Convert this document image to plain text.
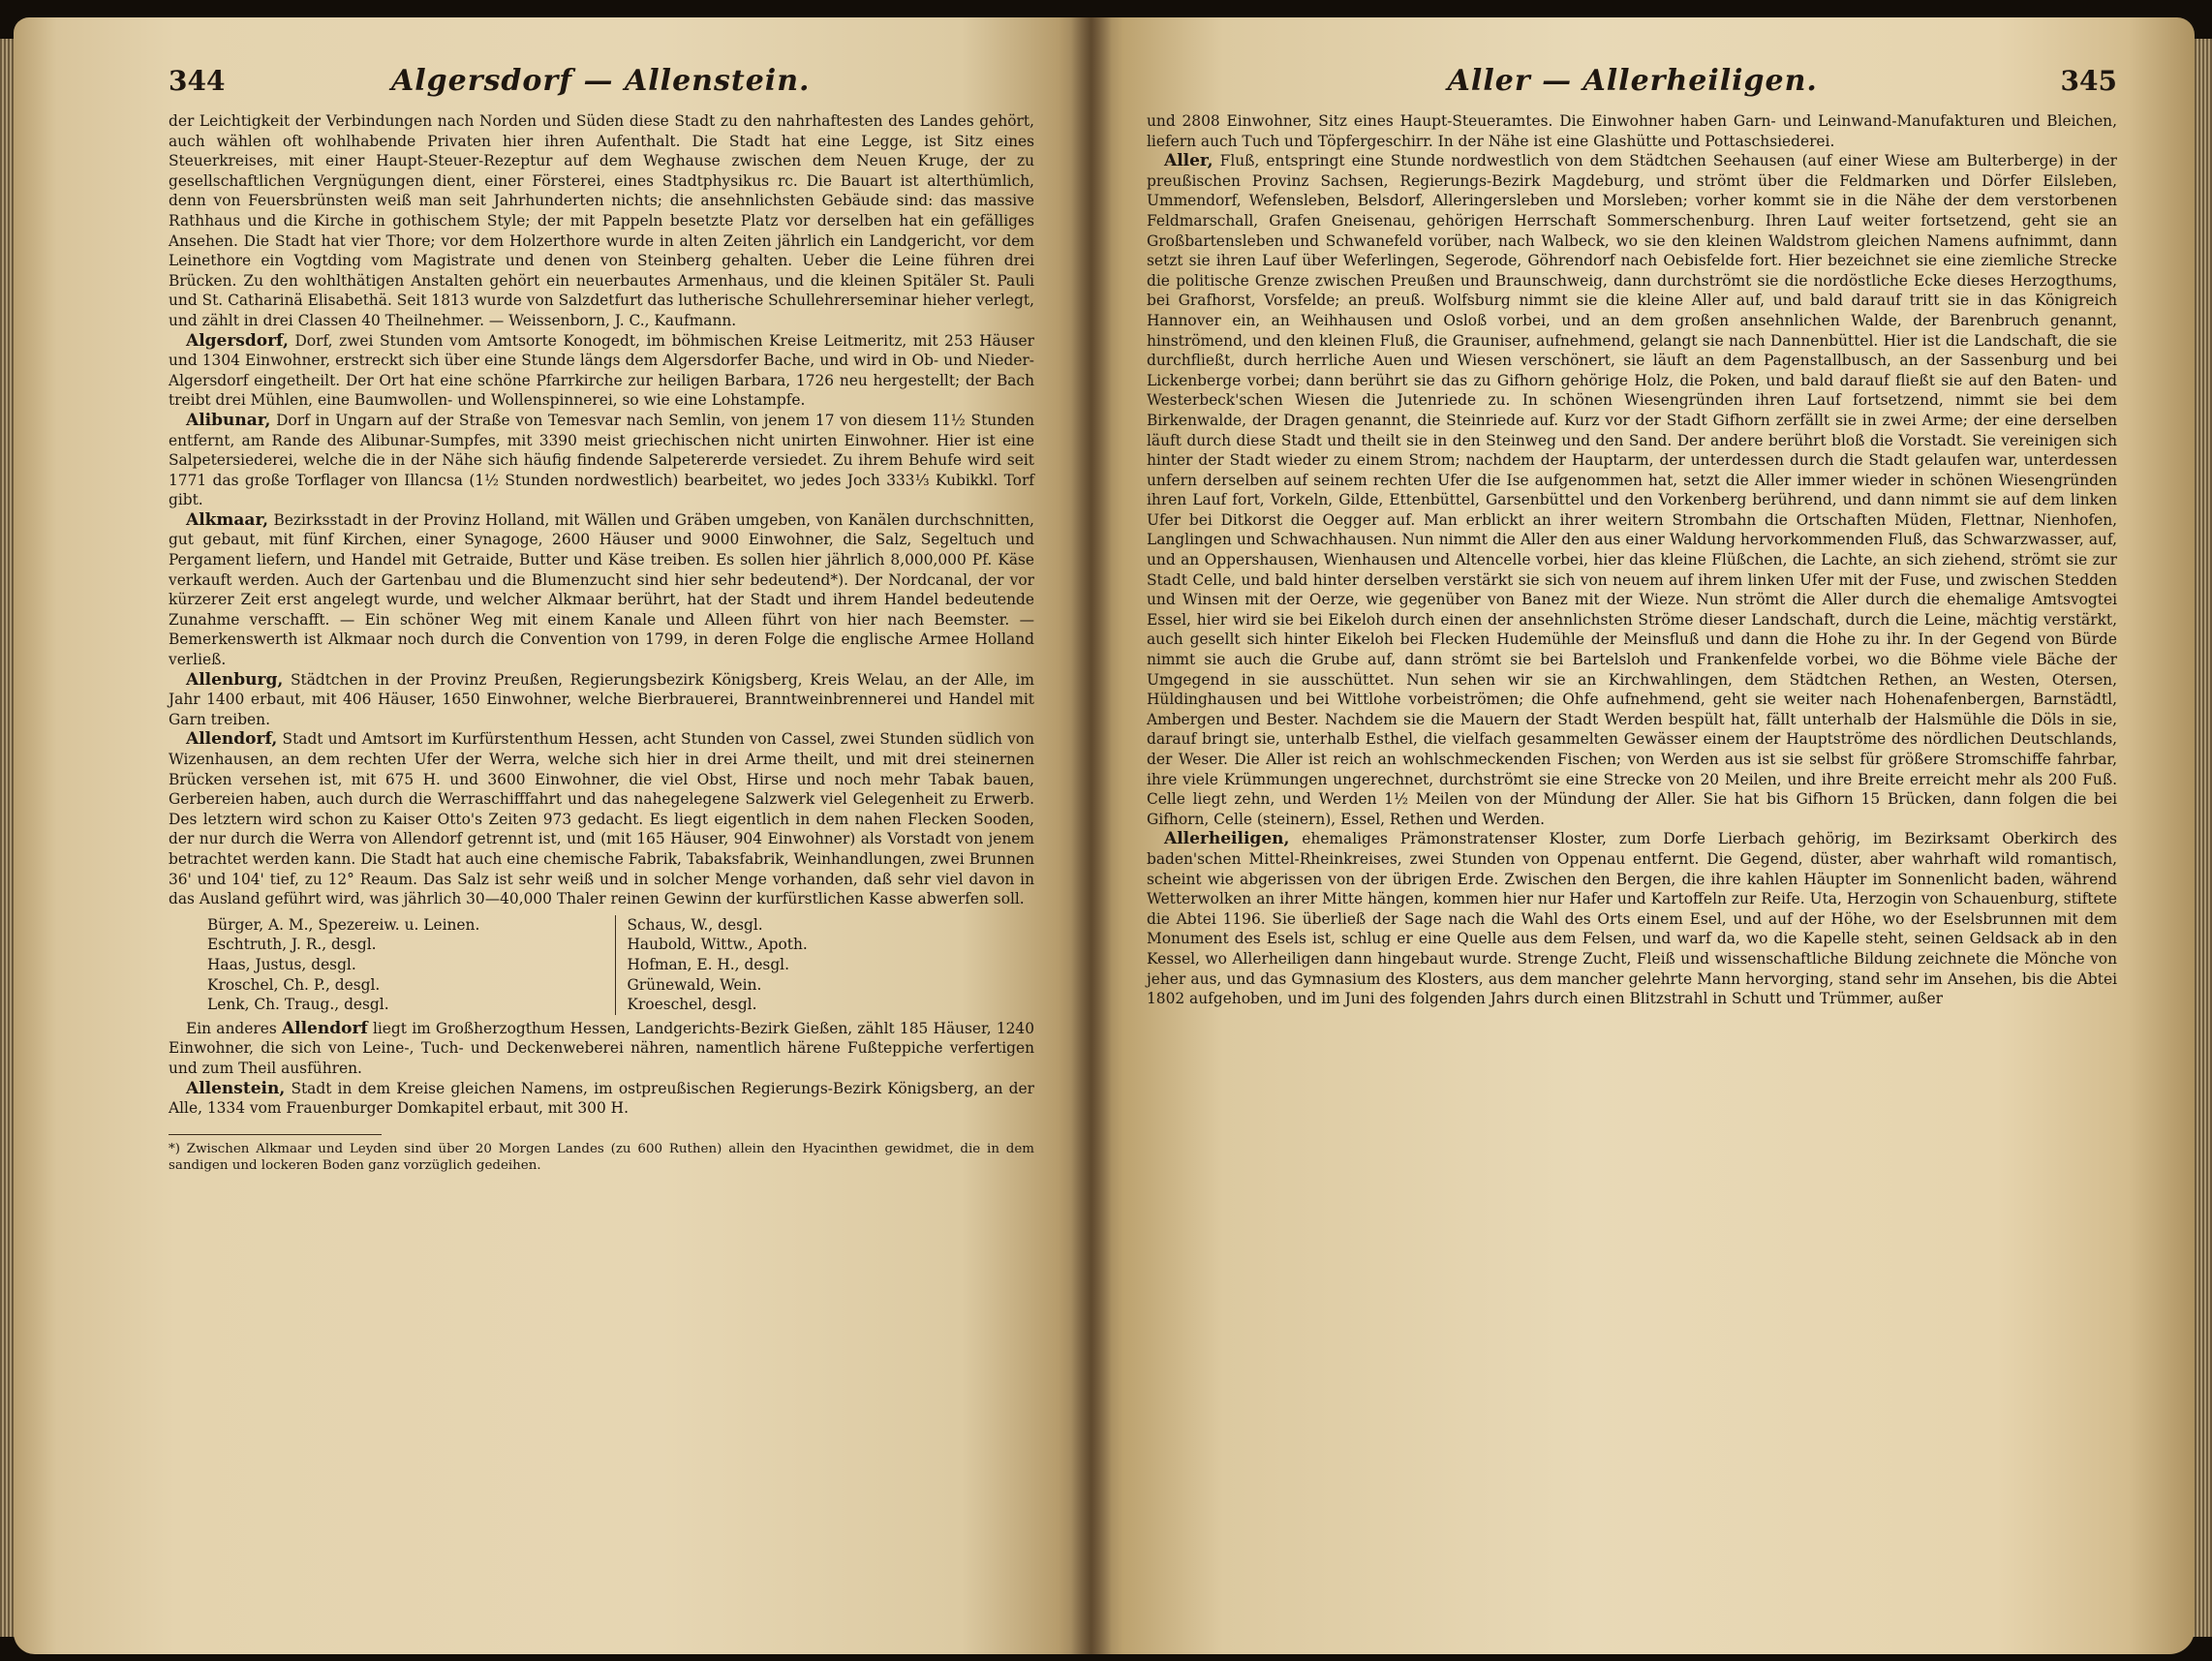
344	Algersdorf — Allenstein.

der Leichtigkeit der Verbindungen nach Norden und Süden diese Stadt zu den nahrhaftesten des Landes gehört, auch wählen oft wohlhabende Privaten hier ihren Aufenthalt. Die Stadt hat eine Legge, ist Sitz eines Steuerkreises, mit einer Haupt-Steuer-Rezeptur auf dem Weghause zwischen dem Neuen Kruge, der zu gesellschaftlichen Vergnügungen dient, einer Försterei, eines Stadtphysikus rc. Die Bauart ist alterthümlich, denn von Feuersbrünsten weiß man seit Jahrhunderten nichts; die ansehnlichsten Gebäude sind: das massive Rathhaus und die Kirche in gothischem Style; der mit Pappeln besetzte Platz vor derselben hat ein gefälliges Ansehen. Die Stadt hat vier Thore; vor dem Holzerthore wurde in alten Zeiten jährlich ein Landgericht, vor dem Leinethore ein Vogtding vom Magistrate und denen von Steinberg gehalten. Ueber die Leine führen drei Brücken. Zu den wohlthätigen Anstalten gehört ein neuerbautes Armenhaus, und die kleinen Spitäler St. Pauli und St. Catharinä Elisabethä. Seit 1813 wurde von Salzdetfurt das lutherische Schullehrerseminar hieher verlegt, und zählt in drei Classen 40 Theilnehmer. — Weissenborn, J. C., Kaufmann.

Algersdorf, Dorf, zwei Stunden vom Amtsorte Konogedt, im böhmischen Kreise Leitmeritz, mit 253 Häuser und 1304 Einwohner, erstreckt sich über eine Stunde längs dem Algersdorfer Bache, und wird in Ob- und Nieder-Algersdorf eingetheilt. Der Ort hat eine schöne Pfarrkirche zur heiligen Barbara, 1726 neu hergestellt; der Bach treibt drei Mühlen, eine Baumwollen- und Wollenspinnerei, so wie eine Lohstampfe.

Alibunar, Dorf in Ungarn auf der Straße von Temesvar nach Semlin, von jenem 17 von diesem 11½ Stunden entfernt, am Rande des Alibunar-Sumpfes, mit 3390 meist griechischen nicht unirten Einwohner. Hier ist eine Salpetersiederei, welche die in der Nähe sich häufig findende Salpetererde versiedet. Zu ihrem Behufe wird seit 1771 das große Torflager von Illancsa (1½ Stunden nordwestlich) bearbeitet, wo jedes Joch 333⅓ Kubikkl. Torf gibt.

Alkmaar, Bezirksstadt in der Provinz Holland, mit Wällen und Gräben umgeben, von Kanälen durchschnitten, gut gebaut, mit fünf Kirchen, einer Synagoge, 2600 Häuser und 9000 Einwohner, die Salz, Segeltuch und Pergament liefern, und Handel mit Getraide, Butter und Käse treiben. Es sollen hier jährlich 8,000,000 Pf. Käse verkauft werden. Auch der Gartenbau und die Blumenzucht sind hier sehr bedeutend*). Der Nordcanal, der vor kürzerer Zeit erst angelegt wurde, und welcher Alkmaar berührt, hat der Stadt und ihrem Handel bedeutende Zunahme verschafft. — Ein schöner Weg mit einem Kanale und Alleen führt von hier nach Beemster. — Bemerkenswerth ist Alkmaar noch durch die Convention von 1799, in deren Folge die englische Armee Holland verließ.

Allenburg, Städtchen in der Provinz Preußen, Regierungsbezirk Königsberg, Kreis Welau, an der Alle, im Jahr 1400 erbaut, mit 406 Häuser, 1650 Einwohner, welche Bierbrauerei, Branntweinbrennerei und Handel mit Garn treiben.

Allendorf, Stadt und Amtsort im Kurfürstenthum Hessen, acht Stunden von Cassel, zwei Stunden südlich von Wizenhausen, an dem rechten Ufer der Werra, welche sich hier in drei Arme theilt, und mit drei steinernen Brücken versehen ist, mit 675 H. und 3600 Einwohner, die viel Obst, Hirse und noch mehr Tabak bauen, Gerbereien haben, auch durch die Werraschifffahrt und das nahegelegene Salzwerk viel Gelegenheit zu Erwerb. Des letztern wird schon zu Kaiser Otto's Zeiten 973 gedacht. Es liegt eigentlich in dem nahen Flecken Sooden, der nur durch die Werra von Allendorf getrennt ist, und (mit 165 Häuser, 904 Einwohner) als Vorstadt von jenem betrachtet werden kann. Die Stadt hat auch eine chemische Fabrik, Tabaksfabrik, Weinhandlungen, zwei Brunnen 36' und 104' tief, zu 12° Reaum. Das Salz ist sehr weiß und in solcher Menge vorhanden, daß sehr viel davon in das Ausland geführt wird, was jährlich 30—40,000 Thaler reinen Gewinn der kurfürstlichen Kasse abwerfen soll.

Bürger, A. M., Spezereiw. u. Leinen.
Eschtruth, J. R., desgl.
Haas, Justus, desgl.
Kroschel, Ch. P., desgl.
Lenk, Ch. Traug., desgl.
Schaus, W., desgl.
Haubold, Wittw., Apoth.
Hofman, E. H., desgl.
Grünewald, Wein.
Kroeschel, desgl.

Ein anderes Allendorf liegt im Großherzogthum Hessen, Landgerichts-Bezirk Gießen, zählt 185 Häuser, 1240 Einwohner, die sich von Leine-, Tuch- und Deckenweberei nähren, namentlich härene Fußteppiche verfertigen und zum Theil ausführen.

Allenstein, Stadt in dem Kreise gleichen Namens, im ostpreußischen Regierungs-Bezirk Königsberg, an der Alle, 1334 vom Frauenburger Domkapitel erbaut, mit 300 H.

*) Zwischen Alkmaar und Leyden sind über 20 Morgen Landes (zu 600 Ruthen) allein den Hyacinthen gewidmet, die in dem sandigen und lockeren Boden ganz vorzüglich gedeihen.
Aller — Allerheiligen.	345

und 2808 Einwohner, Sitz eines Haupt-Steueramtes. Die Einwohner haben Garn- und Leinwand-Manufakturen und Bleichen, liefern auch Tuch und Töpfergeschirr. In der Nähe ist eine Glashütte und Pottaschsiederei.

Aller, Fluß, entspringt eine Stunde nordwestlich von dem Städtchen Seehausen (auf einer Wiese am Bulterberge) in der preußischen Provinz Sachsen, Regierungs-Bezirk Magdeburg, und strömt über die Feldmarken und Dörfer Eilsleben, Ummendorf, Wefensleben, Belsdorf, Alleringersleben und Morsleben; vorher kommt sie in die Nähe der dem verstorbenen Feldmarschall, Grafen Gneisenau, gehörigen Herrschaft Sommerschenburg. Ihren Lauf weiter fortsetzend, geht sie an Großbartensleben und Schwanefeld vorüber, nach Walbeck, wo sie den kleinen Waldstrom gleichen Namens aufnimmt, dann setzt sie ihren Lauf über Weferlingen, Segerode, Göhrendorf nach Oebisfelde fort. Hier bezeichnet sie eine ziemliche Strecke die politische Grenze zwischen Preußen und Braunschweig, dann durchströmt sie die nordöstliche Ecke dieses Herzogthums, bei Grafhorst, Vorsfelde; an preuß. Wolfsburg nimmt sie die kleine Aller auf, und bald darauf tritt sie in das Königreich Hannover ein, an Weihhausen und Osloß vorbei, und an dem großen ansehnlichen Walde, der Barenbruch genannt, hinströmend, und den kleinen Fluß, die Grauniser, aufnehmend, gelangt sie nach Dannenbüttel. Hier ist die Landschaft, die sie durchfließt, durch herrliche Auen und Wiesen verschönert, sie läuft an dem Pagenstallbusch, an der Sassenburg und bei Lickenberge vorbei; dann berührt sie das zu Gifhorn gehörige Holz, die Poken, und bald darauf fließt sie auf den Baten- und Westerbeck'schen Wiesen die Jutenriede zu. In schönen Wiesengründen ihren Lauf fortsetzend, nimmt sie bei dem Birkenwalde, der Dragen genannt, die Steinriede auf. Kurz vor der Stadt Gifhorn zerfällt sie in zwei Arme; der eine derselben läuft durch diese Stadt und theilt sie in den Steinweg und den Sand. Der andere berührt bloß die Vorstadt. Sie vereinigen sich hinter der Stadt wieder zu einem Strom; nachdem der Hauptarm, der unterdessen durch die Stadt gelaufen war, unterdessen unfern derselben auf seinem rechten Ufer die Ise aufgenommen hat, setzt die Aller immer wieder in schönen Wiesengründen ihren Lauf fort, Vorkeln, Gilde, Ettenbüttel, Garsenbüttel und den Vorkenberg berührend, und dann nimmt sie auf dem linken Ufer bei Ditkorst die Oegger auf. Man erblickt an ihrer weitern Strombahn die Ortschaften Müden, Flettnar, Nienhofen, Langlingen und Schwachhausen. Nun nimmt die Aller den aus einer Waldung hervorkommenden Fluß, das Schwarzwasser, auf, und an Oppershausen, Wienhausen und Altencelle vorbei, hier das kleine Flüßchen, die Lachte, an sich ziehend, strömt sie zur Stadt Celle, und bald hinter derselben verstärkt sie sich von neuem auf ihrem linken Ufer mit der Fuse, und zwischen Stedden und Winsen mit der Oerze, wie gegenüber von Banez mit der Wieze. Nun strömt die Aller durch die ehemalige Amtsvogtei Essel, hier wird sie bei Eikeloh durch einen der ansehnlichsten Ströme dieser Landschaft, durch die Leine, mächtig verstärkt, auch gesellt sich hinter Eikeloh bei Flecken Hudemühle der Meinsfluß und dann die Hohe zu ihr. In der Gegend von Bürde nimmt sie auch die Grube auf, dann strömt sie bei Bartelsloh und Frankenfelde vorbei, wo die Böhme viele Bäche der Umgegend in sie ausschüttet. Nun sehen wir sie an Kirchwahlingen, dem Städtchen Rethen, an Westen, Otersen, Hüldinghausen und bei Wittlohe vorbeiströmen; die Ohfe aufnehmend, geht sie weiter nach Hohenafenbergen, Barnstädtl, Ambergen und Bester. Nachdem sie die Mauern der Stadt Werden bespült hat, fällt unterhalb der Halsmühle die Döls in sie, darauf bringt sie, unterhalb Esthel, die vielfach gesammelten Gewässer einem der Hauptströme des nördlichen Deutschlands, der Weser. Die Aller ist reich an wohlschmeckenden Fischen; von Werden aus ist sie selbst für größere Stromschiffe fahrbar, ihre viele Krümmungen ungerechnet, durchströmt sie eine Strecke von 20 Meilen, und ihre Breite erreicht mehr als 200 Fuß. Celle liegt zehn, und Werden 1½ Meilen von der Mündung der Aller. Sie hat bis Gifhorn 15 Brücken, dann folgen die bei Gifhorn, Celle (steinern), Essel, Rethen und Werden.

Allerheiligen, ehemaliges Prämonstratenser Kloster, zum Dorfe Lierbach gehörig, im Bezirksamt Oberkirch des baden'schen Mittel-Rheinkreises, zwei Stunden von Oppenau entfernt. Die Gegend, düster, aber wahrhaft wild romantisch, scheint wie abgerissen von der übrigen Erde. Zwischen den Bergen, die ihre kahlen Häupter im Sonnenlicht baden, während Wetterwolken an ihrer Mitte hängen, kommen hier nur Hafer und Kartoffeln zur Reife. Uta, Herzogin von Schauenburg, stiftete die Abtei 1196. Sie überließ der Sage nach die Wahl des Orts einem Esel, und auf der Höhe, wo der Eselsbrunnen mit dem Monument des Esels ist, schlug er eine Quelle aus dem Felsen, und warf da, wo die Kapelle steht, seinen Geldsack ab in den Kessel, wo Allerheiligen dann hingebaut wurde. Strenge Zucht, Fleiß und wissenschaftliche Bildung zeichnete die Mönche von jeher aus, und das Gymnasium des Klosters, aus dem mancher gelehrte Mann hervorging, stand sehr im Ansehen, bis die Abtei 1802 aufgehoben, und im Juni des folgenden Jahrs durch einen Blitzstrahl in Schutt und Trümmer, außer
